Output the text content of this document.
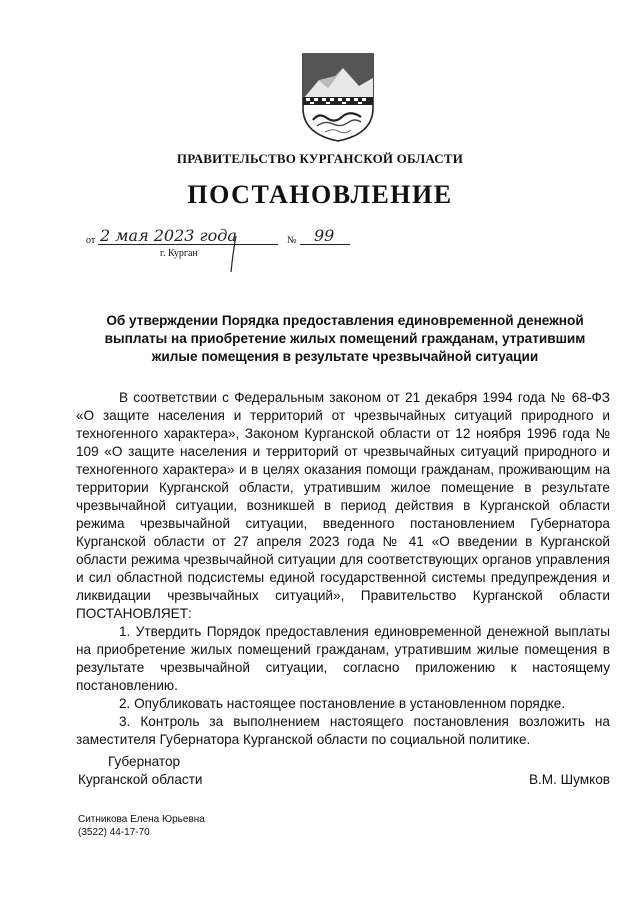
ПРАВИТЕЛЬСТВО КУРГАНСКОЙ ОБЛАСТИ
ПОСТАНОВЛЕНИЕ
от 2 мая 2023 года	№ 99
г. Курган
Об утверждении Порядка предоставления единовременной денежной
выплаты на приобретение жилых помещений гражданам, утратившим
жилые помещения в результате чрезвычайной ситуации
В соответствии с Федеральным законом от 21 декабря 1994 года № 68-ФЗ «О защите населения и территорий от чрезвычайных ситуаций природного и техногенного характера», Законом Курганской области от 12 ноября 1996 года № 109 «О защите населения и территорий от чрезвычайных ситуаций природного и техногенного характера» и в целях оказания помощи гражданам, проживающим на территории Курганской области, утратившим жилое помещение в результате чрезвычайной ситуации, возникшей в период действия в Курганской области режима чрезвычайной ситуации, введенного постановлением Губернатора Курганской области от 27 апреля 2023 года № 41 «О введении в Курганской области режима чрезвычайной ситуации для соответствующих органов управления и сил областной подсистемы единой государственной системы предупреждения и ликвидации чрезвычайных ситуаций», Правительство Курганской области ПОСТАНОВЛЯЕТ:
1. Утвердить Порядок предоставления единовременной денежной выплаты на приобретение жилых помещений гражданам, утратившим жилые помещения в результате чрезвычайной ситуации, согласно приложению к настоящему постановлению.
2. Опубликовать настоящее постановление в установленном порядке.
3. Контроль за выполнением настоящего постановления возложить на заместителя Губернатора Курганской области по социальной политике.
Губернатор
Курганской области	В.М. Шумков
Ситникова Елена Юрьевна
(3522) 44-17-70
